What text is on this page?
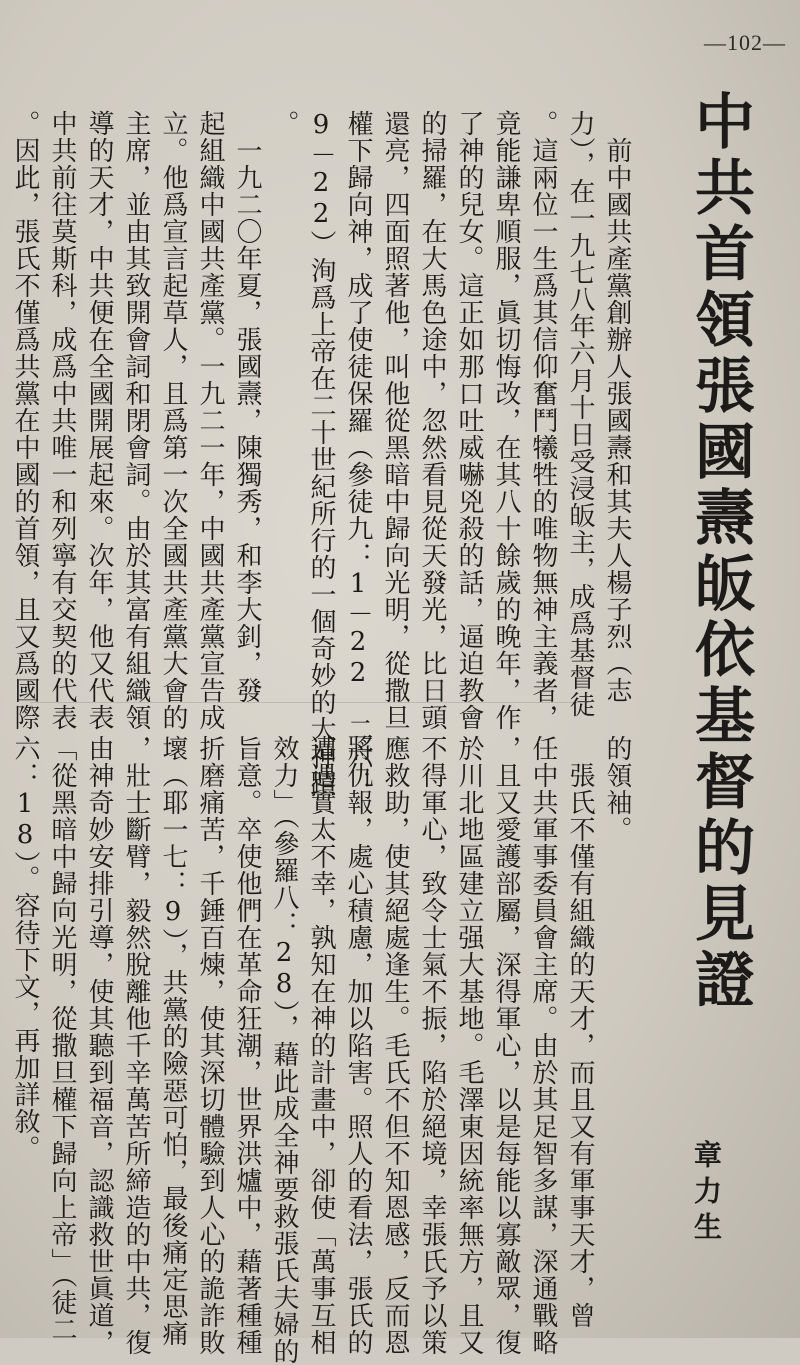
—102—
中共首領張國燾皈依基督的見證
章力生
　前中國共產黨創辦人張國燾和其夫人楊子烈（志
力），在一九七八年六月十日受浸皈主，成爲基督徒
。這兩位一生爲其信仰奮鬥犧牲的唯物無神主義者，
竟能謙卑順服，眞切悔改，在其八十餘歲的晚年，作
了神的兒女。這正如那口吐威嚇兇殺的話，逼迫教會
的掃羅，在大馬色途中，忽然看見從天發光，比日頭
還亮，四面照著他，叫他從黑暗中歸向光明，從撒旦
權下歸向神，成了使徒保羅（參徒九：1－22　二六：
9－22）洵爲上帝在二十世紀所行的一個奇妙的大神蹟
。
　一九二〇年夏，張國燾，陳獨秀，和李大釗，發
起組織中國共產黨。一九二一年，中國共產黨宣告成
立。他爲宣言起草人，且爲第一次全國共產黨大會的
主席，並由其致開會詞和閉會詞。由於其富有組織領
導的天才，中共便在全國開展起來。次年，他又代表
中共前往莫斯科，成爲中共唯一和列寧有交契的代表
。因此，張氏不僅爲共黨在中國的首領，且又爲國際
的領袖。
　張氏不僅有組織的天才，而且又有軍事天才，曾
任中共軍事委員會主席。由於其足智多謀，深通戰略
，且又愛護部屬，深得軍心，以是每能以寡敵眾，復
於川北地區建立强大基地。毛澤東因統率無方，且又
不得軍心，致令士氣不振，陷於絕境，幸張氏予以策
應救助，使其絕處逢生。毛氏不但不知恩感，反而恩
將仇報，處心積慮，加以陷害。照人的看法，張氏的
遭遇實太不幸，孰知在神的計畫中，卻使「萬事互相
效力」（參羅八：28），藉此成全神要救張氏夫婦的
旨意。卒使他們在革命狂潮，世界洪爐中，藉著種種
折磨痛苦，千錘百煉，使其深切體驗到人心的詭詐敗
壞（耶一七：9），共黨的險惡可怕，最後痛定思痛
，壯士斷臂，毅然脫離他千辛萬苦所締造的中共，復
由神奇妙安排引導，使其聽到福音，認識救世眞道，
「從黑暗中歸向光明，從撒旦權下歸向上帝」（徒二
六：18）。容待下文，再加詳敘。
